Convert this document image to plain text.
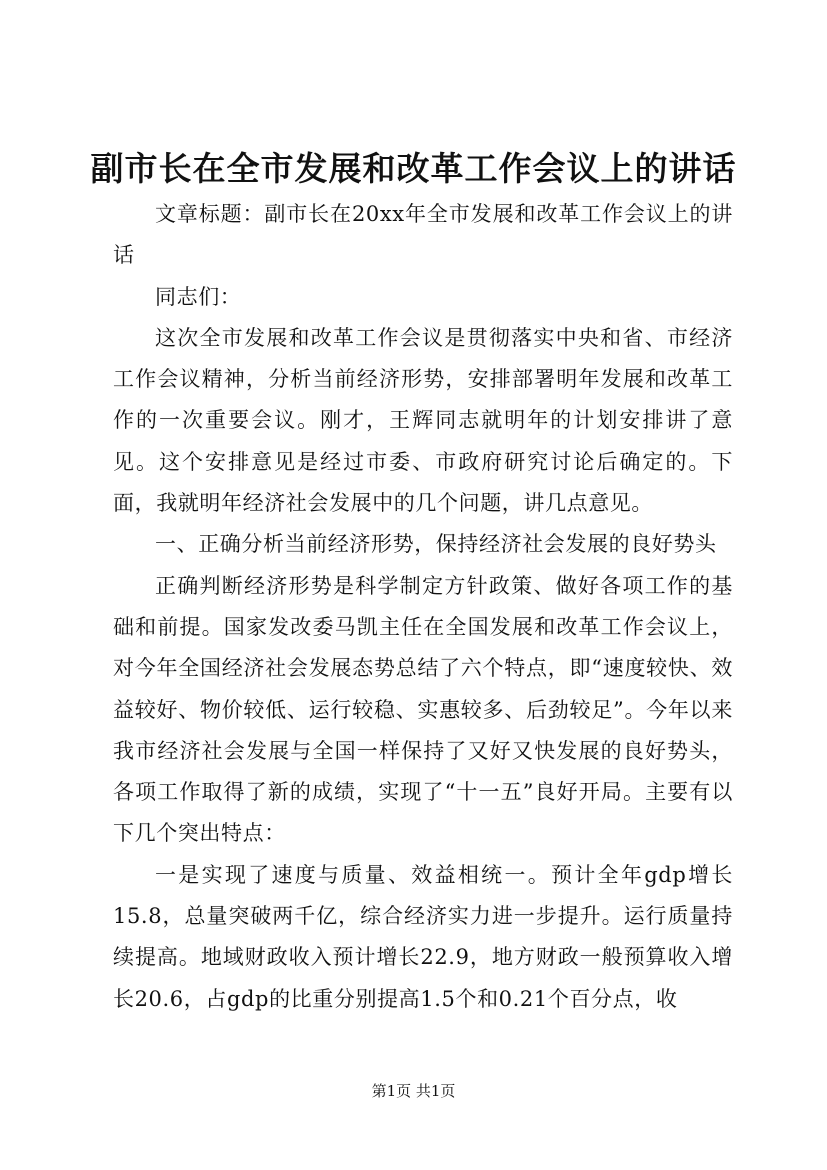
副市长在全市发展和改革工作会议上的讲话

文章标题：副市长在20xx年全市发展和改革工作会议上的讲话

同志们：

这次全市发展和改革工作会议是贯彻落实中央和省、市经济工作会议精神，分析当前经济形势，安排部署明年发展和改革工作的一次重要会议。刚才，王辉同志就明年的计划安排讲了意见。这个安排意见是经过市委、市政府研究讨论后确定的。下面，我就明年经济社会发展中的几个问题，讲几点意见。

一、正确分析当前经济形势，保持经济社会发展的良好势头

正确判断经济形势是科学制定方针政策、做好各项工作的基础和前提。国家发改委马凯主任在全国发展和改革工作会议上，对今年全国经济社会发展态势总结了六个特点，即“速度较快、效益较好、物价较低、运行较稳、实惠较多、后劲较足”。今年以来我市经济社会发展与全国一样保持了又好又快发展的良好势头，各项工作取得了新的成绩，实现了“十一五”良好开局。主要有以下几个突出特点：

一是实现了速度与质量、效益相统一。预计全年gdp增长15.8，总量突破两千亿，综合经济实力进一步提升。运行质量持续提高。地域财政收入预计增长22.9，地方财政一般预算收入增长20.6，占gdp的比重分别提高1.5个和0.21个百分点，收

第1页 共1页
